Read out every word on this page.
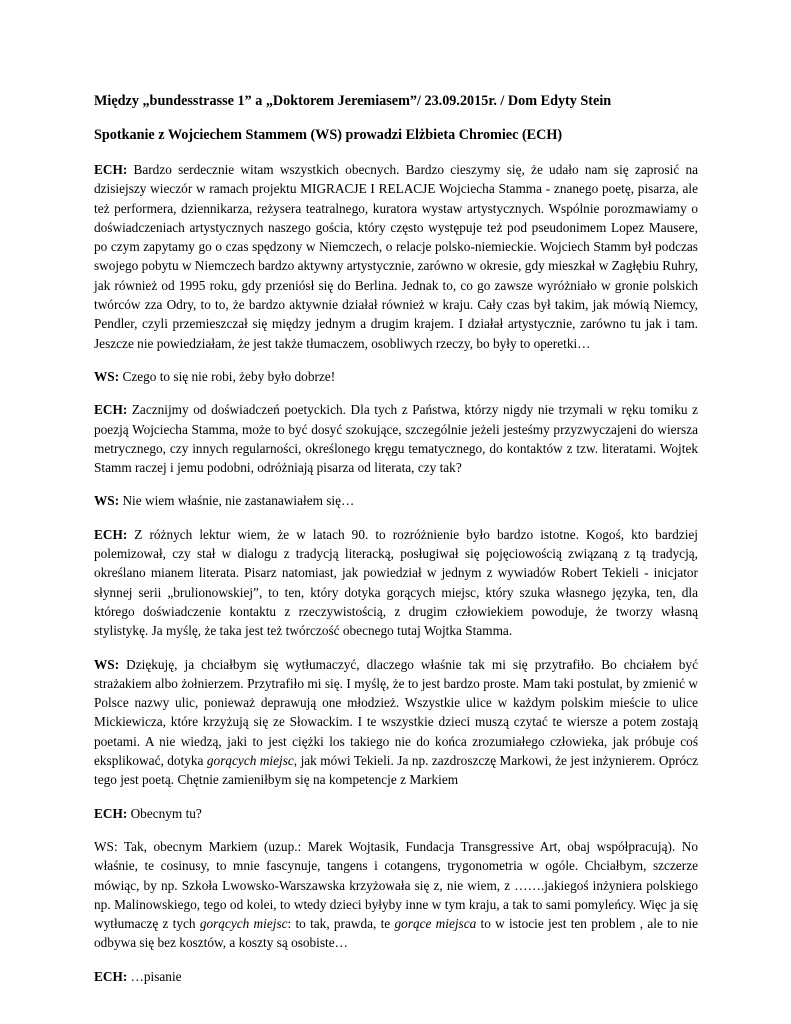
Między „bundesstrasse 1” a „Doktorem Jeremiasem”/ 23.09.2015r. / Dom Edyty Stein
Spotkanie z Wojciechem Stammem (WS) prowadzi Elżbieta Chromiec (ECH)

ECH: Bardzo serdecznie witam wszystkich obecnych. Bardzo cieszymy się, że udało nam się zaprosić na dzisiejszy wieczór w ramach projektu MIGRACJE I RELACJE Wojciecha Stamma - znanego poetę, pisarza, ale też performera, dziennikarza, reżysera teatralnego, kuratora wystaw artystycznych. Wspólnie porozmawiamy o doświadczeniach artystycznych naszego gościa, który często występuje też pod pseudonimem Lopez Mausere, po czym zapytamy go o czas spędzony w Niemczech, o relacje polsko-niemieckie. Wojciech Stamm był podczas swojego pobytu w Niemczech bardzo aktywny artystycznie, zarówno w okresie, gdy mieszkał w Zagłębiu Ruhry, jak również od 1995 roku, gdy przeniósł się do Berlina. Jednak to, co go zawsze wyróżniało w gronie polskich twórców zza Odry, to to, że bardzo aktywnie działał również w kraju. Cały czas był takim, jak mówią Niemcy, Pendler, czyli przemieszczał się między jednym a drugim krajem. I działał artystycznie, zarówno tu jak i tam. Jeszcze nie powiedziałam, że jest także tłumaczem, osobliwych rzeczy, bo były to operetki…

WS: Czego to się nie robi, żeby było dobrze!

ECH: Zacznijmy od doświadczeń poetyckich. Dla tych z Państwa, którzy nigdy nie trzymali w ręku tomiku z poezją Wojciecha Stamma, może to być dosyć szokujące, szczególnie jeżeli jesteśmy przyzwyczajeni do wiersza metrycznego, czy innych regularności, określonego kręgu tematycznego, do kontaktów z tzw. literatami. Wojtek Stamm raczej i jemu podobni, odróżniają pisarza od literata, czy tak?

WS: Nie wiem właśnie, nie zastanawiałem się…

ECH: Z różnych lektur wiem, że w latach 90. to rozróżnienie było bardzo istotne. Kogoś, kto bardziej polemizował, czy stał w dialogu z tradycją literacką, posługiwał się pojęciowością związaną z tą tradycją, określano mianem literata. Pisarz natomiast, jak powiedział w jednym z wywiadów Robert Tekieli - inicjator słynnej serii „brulionowskiej”, to ten, który dotyka gorących miejsc, który szuka własnego języka, ten, dla którego doświadczenie kontaktu z rzeczywistością, z drugim człowiekiem powoduje, że tworzy własną stylistykę. Ja myślę, że taka jest też twórczość obecnego tutaj Wojtka Stamma.

WS: Dziękuję, ja chciałbym się wytłumaczyć, dlaczego właśnie tak mi się przytrafiło. Bo chciałem być strażakiem albo żołnierzem. Przytrafiło mi się. I myślę, że to jest bardzo proste. Mam taki postulat, by zmienić w Polsce nazwy ulic, ponieważ deprawują one młodzież. Wszystkie ulice w każdym polskim mieście to ulice Mickiewicza, które krzyżują się ze Słowackim. I te wszystkie dzieci muszą czytać te wiersze a potem zostają poetami. A nie wiedzą, jaki to jest ciężki los takiego nie do końca zrozumiałego człowieka, jak próbuje coś eksplikować, dotyka gorących miejsc, jak mówi Tekieli. Ja np. zazdroszczę Markowi, że jest inżynierem. Oprócz tego jest poetą. Chętnie zamieniłbym się na kompetencje z Markiem

ECH: Obecnym tu?

WS: Tak, obecnym Markiem (uzup.: Marek Wojtasik, Fundacja Transgressive Art, obaj współpracują). No właśnie, te cosinusy, to mnie fascynuje, tangens i cotangens, trygonometria w ogóle. Chciałbym, szczerze mówiąc, by np. Szkoła Lwowsko-Warszawska krzyżowała się z, nie wiem, z …….jakiegoś inżyniera polskiego np. Malinowskiego, tego od kolei, to wtedy dzieci byłyby inne w tym kraju, a tak to sami pomyleńcy. Więc ja się wytłumaczę z tych gorących miejsc: to tak, prawda, te gorące miejsca to w istocie jest ten problem , ale to nie odbywa się bez kosztów, a koszty są osobiste…

ECH: …pisanie
